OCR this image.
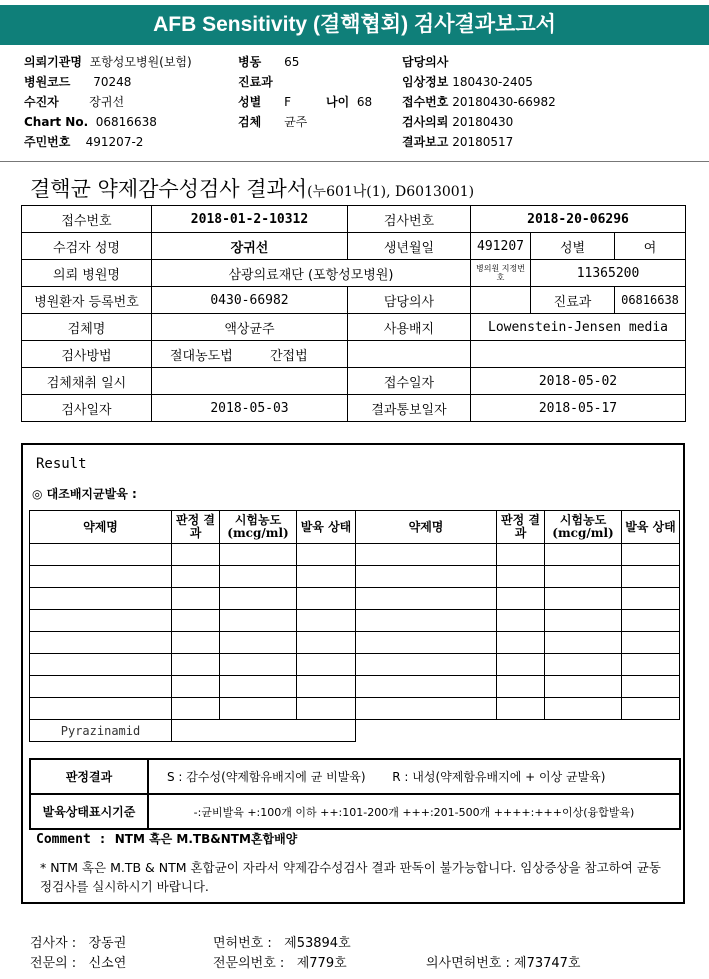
AFB Sensitivity (결핵협회) 검사결과보고서
의뢰기관명 포항성모병원(보험)
병원코드 70248
수진자	장귀선
Chart No. 06816638
주민번호 491207-2
병동 65
진료과
성별 F
검체 균주
나이 68
담당의사
임상정보 180430-2405
접수번호 20180430-66982
검사의뢰 20180430
결과보고 20180517
결핵균 약제감수성검사 결과서(누601나(1), D6013001)
접수번호	2018-01-2-10312	검사번호	2018-20-06296		
수검자 성명	장귀선	생년월일	491207	성별	여
의뢰 병원명	삼광의료재단 (포항성모병원)		병의원 지정번호	11365200	
병원환자 등록번호	0430-66982	담당의사		진료과	06816638
검체명	액상균주	사용배지	Lowenstein-Jensen media		
검사방법	절대농도법 간접법				
검체채취 일시		접수일자	2018-05-02		
검사일자	2018-05-03	결과통보일자	2018-05-17		
Result
◎ 대조배지균발육 :
약제명	판정 결과	시험농도 (mcg/ml)	발육 상태	약제명	판정 결과	시험농도 (mcg/ml)	발육 상태

Pyrazinamid							
판정결과	S : 감수성(약제함유배지에 균 비발육) R : 내성(약제함유배지에 + 이상 균발육)
발육상태표시기준	-:균비발육 +:100개 이하 ++:101-200개 +++:201-500개 ++++:+++이상(융합발육)
Comment : NTM 혹은 M.TB&NTM혼합배양
* NTM 혹은 M.TB & NTM 혼합균이 자라서 약제감수성검사 결과 판독이 불가능합니다. 임상증상을 참고하여 균동정검사를 실시하시기 바랍니다.
검사자 : 장동권	면허번호 : 제53894호
전문의 : 신소연	전문의번호 : 제779호	의사면허번호 : 제73747호
